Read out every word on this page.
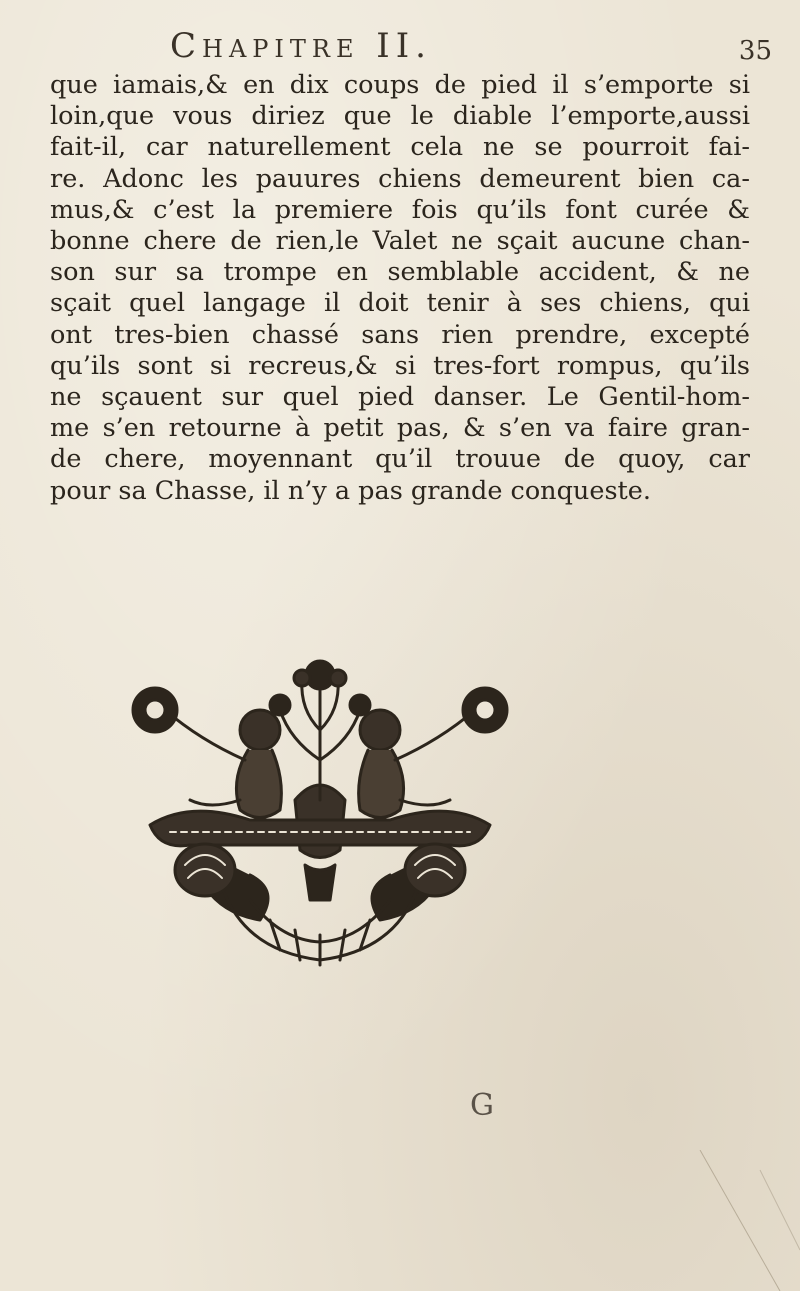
Chapitre II.	35
que iamais,& en dix coups de pied il s’emporte si
loin,que vous diriez que le diable l’emporte,aussi
fait-il, car naturellement cela ne se pourroit fai-
re. Adonc les pauures chiens demeurent bien ca-
mus,& c’est la premiere fois qu’ils font curée &
bonne chere de rien,le Valet ne sçait aucune chan-
son sur sa trompe en semblable accident, & ne
sçait quel langage il doit tenir à ses chiens, qui
ont tres-bien chassé sans rien prendre, excepté
qu’ils sont si recreus,& si tres-fort rompus, qu’ils
ne sçauent sur quel pied danser. Le Gentil-hom-
me s’en retourne à petit pas, & s’en va faire gran-
de chere, moyennant qu’il trouue de quoy, car
pour sa Chasse, il n’y a pas grande conqueste.
G
